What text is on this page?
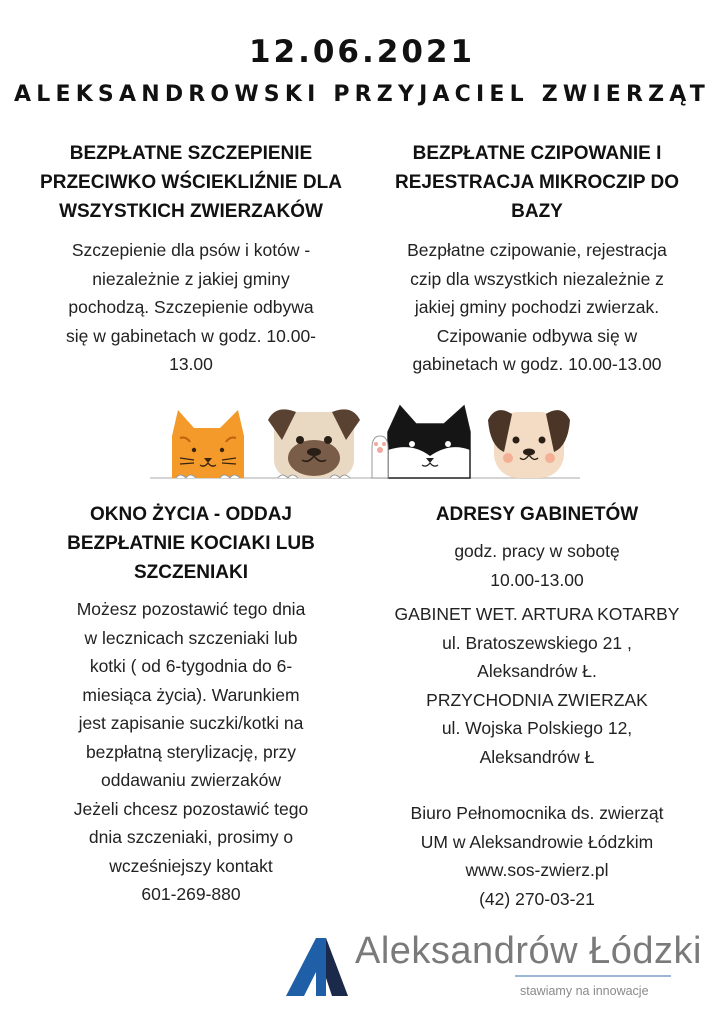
12.06.2021
ALEKSANDROWSKI PRZYJACIEL ZWIERZĄT
BEZPŁATNE SZCZEPIENIE
PRZECIWKO WŚCIEKLIŹNIE DLA
WSZYSTKICH ZWIERZAKÓW
Szczepienie dla psów i kotów -
niezależnie z jakiej gminy
pochodzą. Szczepienie odbywa
się w gabinetach w godz. 10.00-
13.00
BEZPŁATNE CZIPOWANIE I
REJESTRACJA MIKROCZIP DO
BAZY
Bezpłatne czipowanie, rejestracja
czip dla wszystkich niezależnie z
jakiej gminy pochodzi zwierzak.
Czipowanie odbywa się w
gabinetach w godz. 10.00-13.00
OKNO ŻYCIA - ODDAJ
BEZPŁATNIE KOCIAKI LUB
SZCZENIAKI
Możesz pozostawić tego dnia
w lecznicach szczeniaki lub
kotki ( od 6-tygodnia do 6-
miesiąca życia). Warunkiem
jest zapisanie suczki/kotki na
bezpłatną sterylizację, przy
oddawaniu zwierzaków
Jeżeli chcesz pozostawić tego
dnia szczeniaki, prosimy o
wcześniejszy kontakt
601-269-880
ADRESY GABINETÓW
godz. pracy w sobotę
10.00-13.00
GABINET WET. ARTURA KOTARBY
ul. Bratoszewskiego 21 ,
Aleksandrów Ł.
PRZYCHODNIA ZWIERZAK
ul. Wojska Polskiego 12,
Aleksandrów Ł
Biuro Pełnomocnika ds. zwierząt
UM w Aleksandrowie Łódzkim
www.sos-zwierz.pl
(42) 270-03-21
Aleksandrów Łódzki
stawiamy na innowacje
